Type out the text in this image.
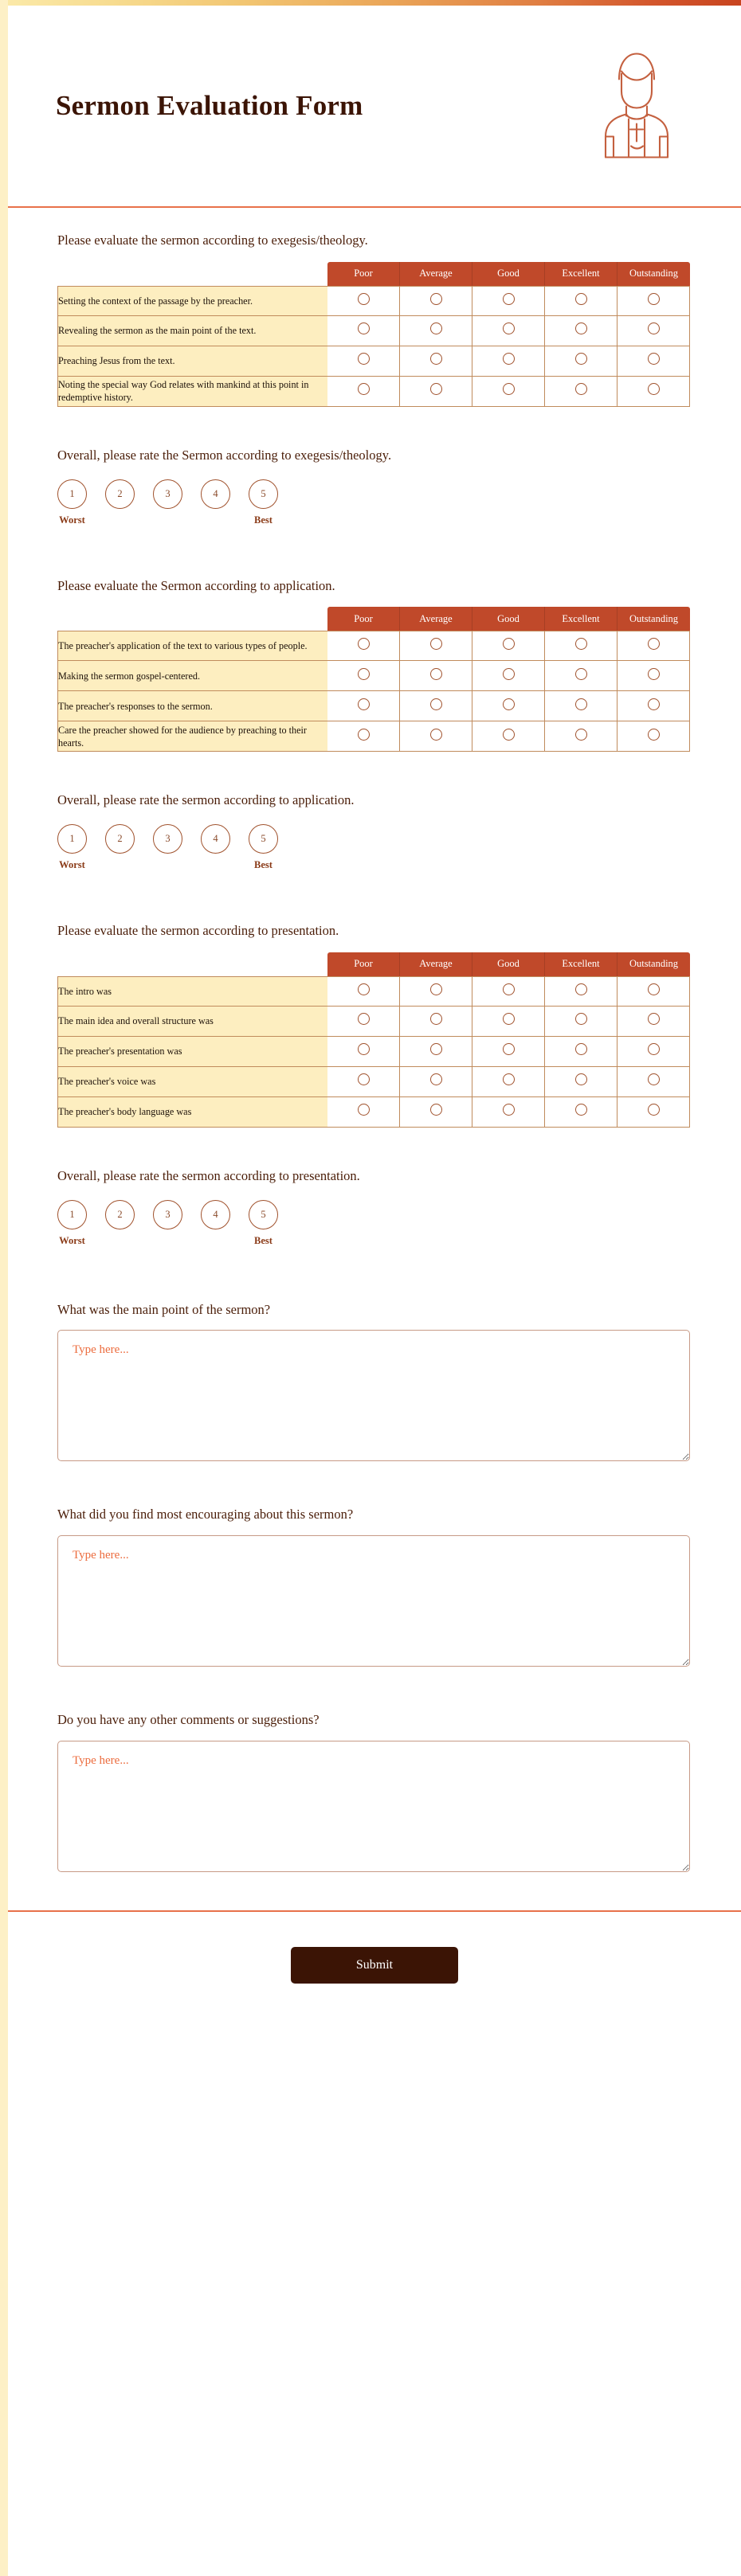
Sermon Evaluation Form
Please evaluate the sermon according to exegesis/theology.
	Poor	Average	Good	Excellent	Outstanding
Setting the context of the passage by the preacher.					
Revealing the sermon as the main point of the text.					
Preaching Jesus from the text.					
Noting the special way God relates with mankind at this point in redemptive history.					
Overall, please rate the Sermon according to exegesis/theology.
1
Worst
2	3	4	5
Best
Please evaluate the Sermon according to application.
	Poor	Average	Good	Excellent	Outstanding
The preacher's application of the text to various types of people.					
Making the sermon gospel-centered.					
The preacher's responses to the sermon.					
Care the preacher showed for the audience by preaching to their hearts.					
Overall, please rate the sermon according to application.
1
Worst
2	3	4	5
Best
Please evaluate the sermon according to presentation.
	Poor	Average	Good	Excellent	Outstanding
The intro was					
The main idea and overall structure was					
The preacher's presentation was					
The preacher's voice was					
The preacher's body language was					
Overall, please rate the sermon according to presentation.
1
Worst
2	3	4	5
Best
What was the main point of the sermon?
Type here...
What did you find most encouraging about this sermon?
Type here...
Do you have any other comments or suggestions?
Type here...
Submit
